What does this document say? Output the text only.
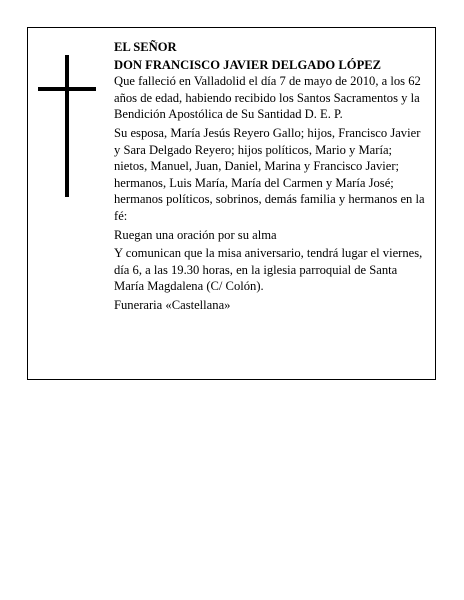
EL SEÑOR

DON FRANCISCO JAVIER DELGADO LÓPEZ

Que falleció en Valladolid el día 7 de mayo de 2010, a los 62 años de edad, habiendo recibido los Santos Sacramentos y la Bendición Apostólica de Su Santidad D. E. P.

Su esposa, María Jesús Reyero Gallo; hijos, Francisco Javier y Sara Delgado Reyero; hijos políticos, Mario y María; nietos, Manuel, Juan, Daniel, Marina y Francisco Javier; hermanos, Luis María, María del Carmen y María José; hermanos políticos, sobrinos, demás familia y hermanos en la fé:

Ruegan una oración por su alma

Y comunican que la misa aniversario, tendrá lugar el viernes, día 6, a las 19.30 horas, en la iglesia parroquial de Santa María Magdalena (C/ Colón).

Funeraria «Castellana»
